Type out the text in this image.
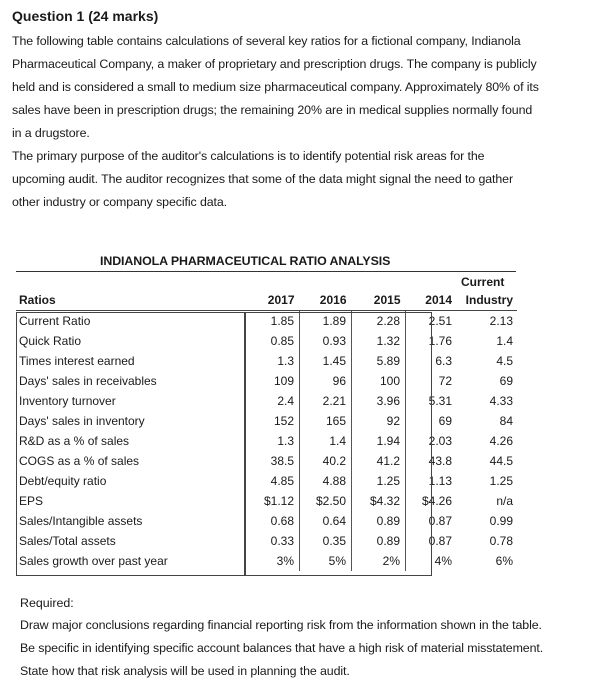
Question 1 (24 marks)

The following table contains calculations of several key ratios for a fictional company, Indianola

Pharmaceutical Company, a maker of proprietary and prescription drugs. The company is publicly

held and is considered a small to medium size pharmaceutical company. Approximately 80% of its

sales have been in prescription drugs; the remaining 20% are in medical supplies normally found

in a drugstore.

The primary purpose of the auditor's calculations is to identify potential risk areas for the

upcoming audit. The auditor recognizes that some of the data might signal the need to gather

other industry or company specific data.

INDIANOLA PHARMACEUTICAL RATIO ANALYSIS
Current
Ratios	2017	2016	2015	2014	Industry
Current Ratio	1.85	1.89	2.28	2.51	2.13
Quick Ratio	0.85	0.93	1.32	1.76	1.4
Times interest earned	1.3	1.45	5.89	6.3	4.5
Days' sales in receivables	109	96	100	72	69
Inventory turnover	2.4	2.21	3.96	5.31	4.33
Days' sales in inventory	152	165	92	69	84
R&D as a % of sales	1.3	1.4	1.94	2.03	4.26
COGS as a % of sales	38.5	40.2	41.2	43.8	44.5
Debt/equity ratio	4.85	4.88	1.25	1.13	1.25
EPS	$1.12	$2.50	$4.32	$4.26	n/a
Sales/Intangible assets	0.68	0.64	0.89	0.87	0.99
Sales/Total assets	0.33	0.35	0.89	0.87	0.78
Sales growth over past year	3%	5%	2%	4%	6%

Required:

Draw major conclusions regarding financial reporting risk from the information shown in the table.

Be specific in identifying specific account balances that have a high risk of material misstatement.

State how that risk analysis will be used in planning the audit.
